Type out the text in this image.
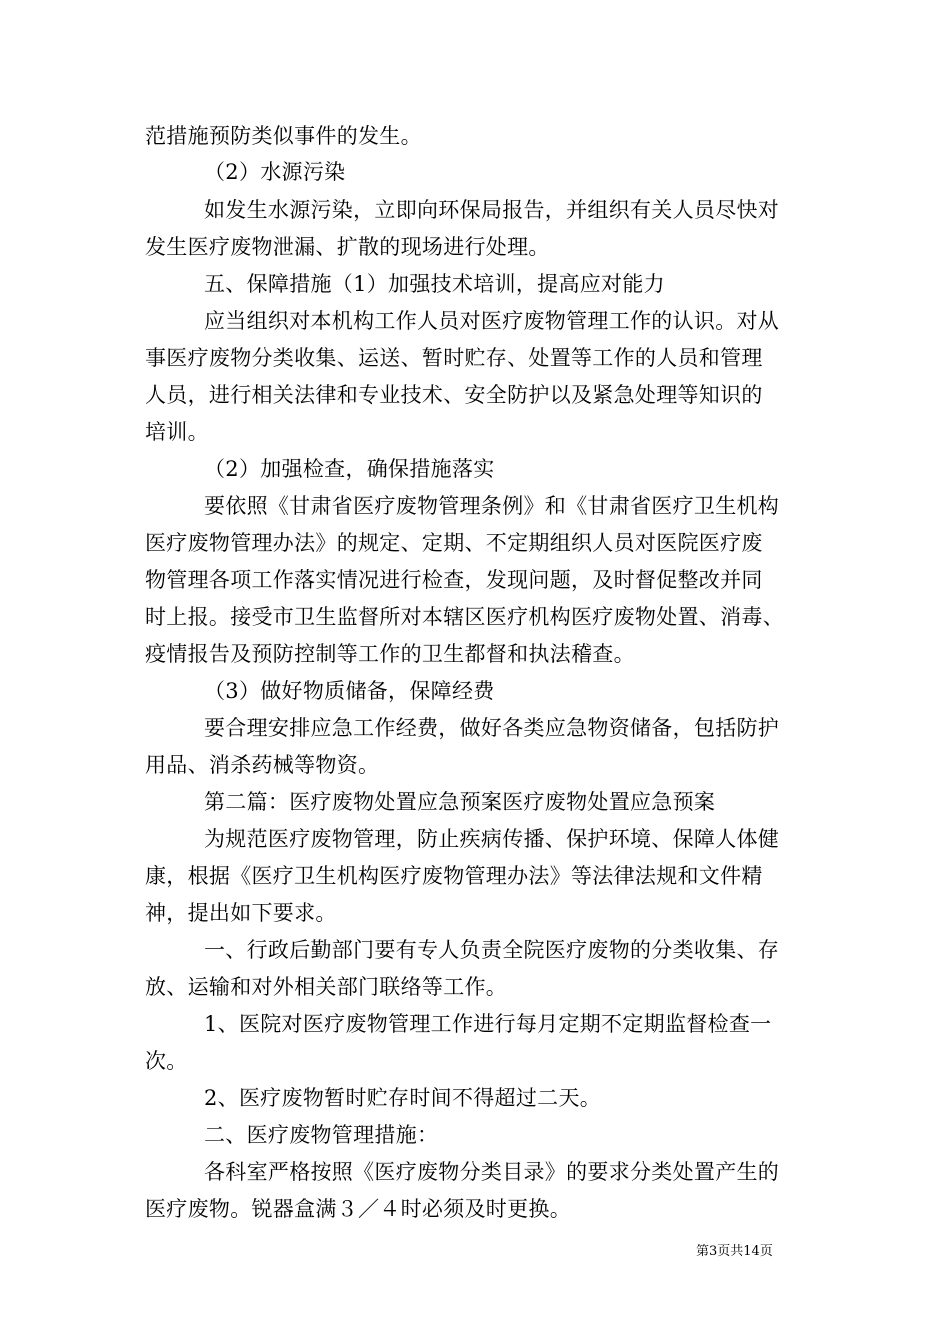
范措施预防类似事件的发生。

（2）水源污染

如发生水源污染，立即向环保局报告，并组织有关人员尽快对

发生医疗废物泄漏、扩散的现场进行处理。

五、保障措施（1）加强技术培训，提高应对能力

应当组织对本机构工作人员对医疗废物管理工作的认识。对从

事医疗废物分类收集、运送、暂时贮存、处置等工作的人员和管理

人员，进行相关法律和专业技术、安全防护以及紧急处理等知识的

培训。

（2）加强检查，确保措施落实

要依照《甘肃省医疗废物管理条例》和《甘肃省医疗卫生机构

医疗废物管理办法》的规定、定期、不定期组织人员对医院医疗废

物管理各项工作落实情况进行检查，发现问题，及时督促整改并同

时上报。接受市卫生监督所对本辖区医疗机构医疗废物处置、消毒、

疫情报告及预防控制等工作的卫生都督和执法稽查。

（3）做好物质储备，保障经费

要合理安排应急工作经费，做好各类应急物资储备，包括防护

用品、消杀药械等物资。

第二篇：医疗废物处置应急预案医疗废物处置应急预案

为规范医疗废物管理，防止疾病传播、保护环境、保障人体健

康，根据《医疗卫生机构医疗废物管理办法》等法律法规和文件精

神，提出如下要求。

一、行政后勤部门要有专人负责全院医疗废物的分类收集、存

放、运输和对外相关部门联络等工作。

1、医院对医疗废物管理工作进行每月定期不定期监督检查一

次。

2、医疗废物暂时贮存时间不得超过二天。

二、医疗废物管理措施：

各科室严格按照《医疗废物分类目录》的要求分类处置产生的

医疗废物。锐器盒满３／４时必须及时更换。

第3页共14页
